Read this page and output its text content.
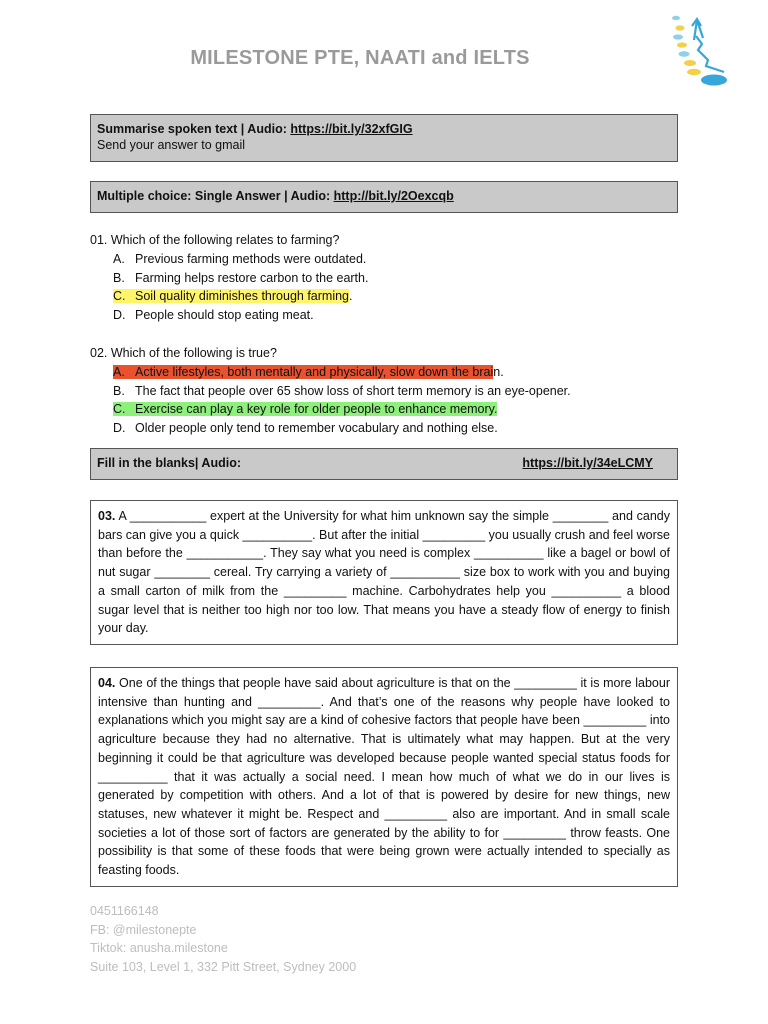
MILESTONE PTE, NAATI and IELTS
Summarise spoken text | Audio: https://bit.ly/32xfGIG
Send your answer to gmail
Multiple choice: Single Answer | Audio: http://bit.ly/2Oexcqb
01. Which of the following relates to farming?
A. Previous farming methods were outdated.
B. Farming helps restore carbon to the earth.
C. Soil quality diminishes through farming.
D. People should stop eating meat.
02. Which of the following is true?
A. Active lifestyles, both mentally and physically, slow down the brain.
B. The fact that people over 65 show loss of short term memory is an eye-opener.
C. Exercise can play a key role for older people to enhance memory.
D. Older people only tend to remember vocabulary and nothing else.
Fill in the blanks| Audio:	https://bit.ly/34eLCMY
03. A ___________ expert at the University for what him unknown say the simple ________ and candy bars can give you a quick __________. But after the initial _________ you usually crush and feel worse than before the ___________. They say what you need is complex __________ like a bagel or bowl of nut sugar ________ cereal. Try carrying a variety of __________ size box to work with you and buying a small carton of milk from the _________ machine. Carbohydrates help you __________ a blood sugar level that is neither too high nor too low. That means you have a steady flow of energy to finish your day.
04. One of the things that people have said about agriculture is that on the _________ it is more labour intensive than hunting and _________. And that’s one of the reasons why people have looked to explanations which you might say are a kind of cohesive factors that people have been _________ into agriculture because they had no alternative. That is ultimately what may happen. But at the very beginning it could be that agriculture was developed because people wanted special status foods for __________ that it was actually a social need. I mean how much of what we do in our lives is generated by competition with others. And a lot of that is powered by desire for new things, new statuses, new whatever it might be. Respect and _________ also are important. And in small scale societies a lot of those sort of factors are generated by the ability to for _________ throw feasts. One possibility is that some of these foods that were being grown were actually intended to specially as feasting foods.
0451166148
FB: @milestonepte
Tiktok: anusha.milestone
Suite 103, Level 1, 332 Pitt Street, Sydney 2000
